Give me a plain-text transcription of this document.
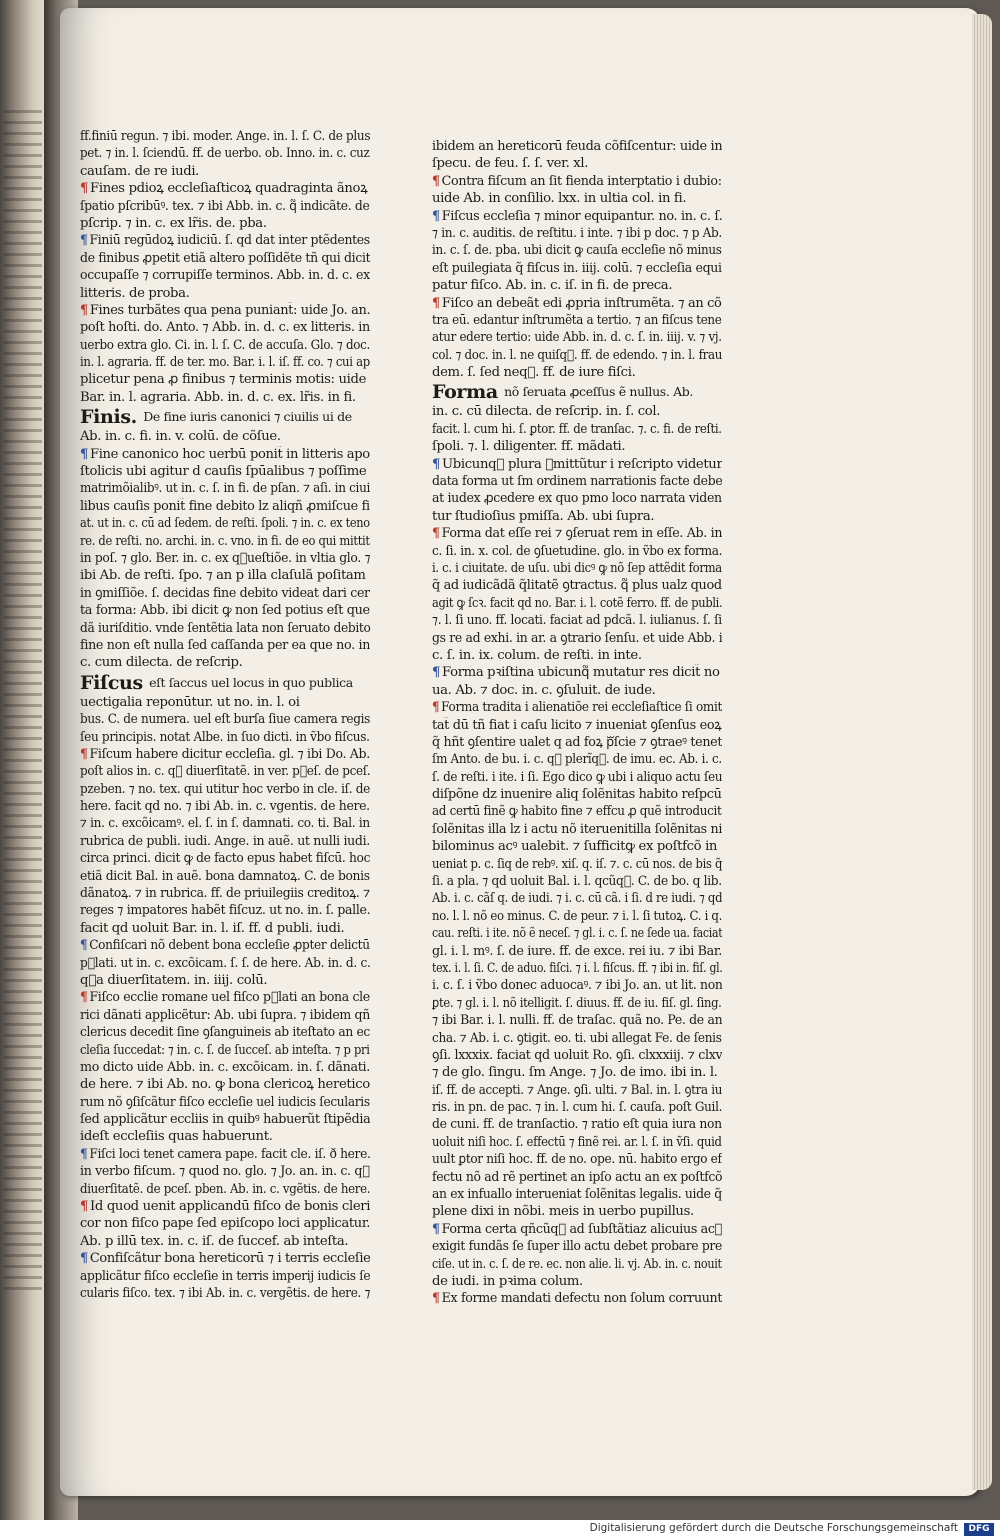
ff.finiū regun. ⁊ ibi. moder. Ange. in. l. ſ. C. de plus
pet. ⁊ in. l. ſciendū. ff. de uerbo. ob. Inno. in. c. cuz
cauſam. de re iudi.
¶ Fines pdioꝝ eccleſiaſticoꝝ quadraginta ãnoꝝ
ſpatio pſcribūꝰ. tex. ⁊ ibi Abb. in. c. q᷑ indicãte. de
pſcrip. ⁊ in. c. ex lr̃is. de. pba.
¶ Finiū regūdoꝝ iudiciū. ſ. qd dat inter ptẽdentes
de finibus ꝓpetit etiã altero poſſidẽte tñ qui dicit
occupaſſe ⁊ corrupiſſe terminos. Abb. in. d. c. ex
litteris. de proba.
¶ Fines turbãtes qua pena puniant̃: uide Jo. an.
poſt hoſti. do. Anto. ⁊ Abb. in. d. c. ex litteris. in
uerbo extra glo. Ci. in. l. ſ. C. de accuſa. Glo. ⁊ doc.
in. l. agraria. ff. de ter. mo. Bar. i. l. iſ. ff. co. ⁊ cui ap
plicetur pena ꝓ finibus ⁊ terminis motis: uide
Bar. in. l. agraria. Abb. in. d. c. ex. lr̃is. in fi.
Finis. $^{De fine iuris canonici ⁊ ciuilis ui de}$
Ab. in. c. fi. in. v. colū. de cõſue.
¶ Fine canonico hoc uerbū ponit̃ in litteris apo
ſtolicis ubi agitur d cauſis ſpūalibus ⁊ poſſime
matrimõialibꝰ. ut in. c. ſ. in fi. de pſan. ⁊ aſi. in ciui
libus cauſis ponit̃ fine debito lz aliqñ ꝓmiſcue fi
at. ut in. c. cū ad ſedem. de reſti. ſpoli. ⁊ in. c. ex teno
re. de reſti. no. archi. in. c. vno. in fi. de eo qui mittit
in poſ. ⁊ glo. Ber. in. c. ex qᷓueſtiõe. in vltia glo. ⁊
ibi Ab. de reſti. ſpo. ⁊ an p illa claſulã poſitam
in ꝯmiſſiõe. ſ. decidas fine debito videat dari cer
ta forma: Abb. ibi dicit ꝙ non ſed potius eſt que
dã iuriſditio. vnde ſentẽtia lata non ſeruato debito
fine non eſt nulla ſed caſſanda per ea que no. in
c. cum dilecta. de reſcrip.
Fiſcus $^{eſt ſaccus uel locus in quo publica}$
uectigalia reponūtur. ut no. in. l. oi
bus. C. de numera. uel eſt burſa ſiue camera regis
ſeu principis. notat Albe. in ſuo dicti. in ṽbo fiſcus.
¶ Fiſcum habere dicitur eccleſia. gl. ⁊ ibi Do. Ab.
poſt alios in. c. q᷑ diuerſitatẽ. in ver. pᷓeſ. de pceſ.
pzeben. ⁊ no. tex. qui utitur hoc verbo in cle. iſ. de
here. facit qd no. ⁊ ibi Ab. in. c. vgentis. de here.
⁊ in. c. excõicamꝰ. el. ſ. in ſ. damnati. co. ti. Bal. in
rubrica de publi. iudi. Ange. in auẽ. ut nulli iudi.
circa princi. dicit ꝙ de facto epus habet fiſcū. hoc
etiã dicit Bal. in auẽ. bona damnatoꝝ. C. de bonis
dãnatoꝝ. ⁊ in rubrica. ff. de priuilegiis creditoꝝ. ⁊
reges ⁊ impatores habẽt fiſcuz. ut no. in. ſ. palle.
facit qd uoluit Bar. in. l. iſ. ff. d publi. iudi.
¶ Confiſcari nõ debent bona eccleſie ꝓpter delictū
pᷓlati. ut in. c. excõicam. ſ. ſ. de here. Ab. in. d. c.
qᷓa diuerſitatem. in. iiij. colū.
¶ Fiſco ecclie romane uel fiſco pᷓlati an bona cle
rici dãnati applicẽtur: Ab. ubi ſupra. ⁊ ibidem qñ
clericus decedit ſine ꝯſanguineis ab iteſtato an ec
cleſia ſuccedat: ⁊ in. c. ſ. de ſucceſ. ab inteſta. ⁊ p pri
mo dicto uide Abb. in. c. excõicam. in. ſ. dãnati.
de here. ⁊ ibi Ab. no. ꝙ bona clericoꝝ heretico
rum nõ ꝯſiſcãtur fiſco eccleſie uel iudicis ſecularis
ſed applicãtur eccliis in quibꝰ habuerũt ſtipẽdia
ideſt eccleſiis quas habuerunt.
¶ Fiſci loci tenet camera pape. facit cle. iſ. ð here.
in verbo fiſcum. ⁊ quod no. glo. ⁊ Jo. an. in. c. q᷑
diuerſitatẽ. de pceſ. pben. Ab. in. c. vgẽtis. de here.
¶ Id quod uenit applicandū fiſco de bonis cleri
cor non fiſco pape ſed epiſcopo loci applicatur.
Ab. p illū tex. in. c. iſ. de ſuccef. ab inteſta.
¶ Confiſcãtur bona hereticorū ⁊ i terris eccleſie
applicãtur fiſco eccleſie in terris imperij iudicis ſe
cularis fiſco. tex. ⁊ ibi Ab. in. c. vergẽtis. de here. ⁊
ibidem an hereticorū feuda cõfiſcentur: uide in
ſpecu. de feu. ſ. ſ. ver. xl.
¶ Contra fiſcum an ſit fienda interptatio i dubio:
uide Ab. in conſilio. lxx. in ultia col. in fi.
¶ Fiſcus eccleſia ⁊ minor equipantur. no. in. c. ſ.
⁊ in. c. auditis. de reſtitu. i inte. ⁊ ibi p doc. ⁊ p Ab.
in. c. ſ. de. pba. ubi dicit ꝙ cauſa eccleſie nõ minus
eſt puilegiata q̃ fiſcus in. iiij. colū. ⁊ eccleſia equi
patur fiſco. Ab. in. c. iſ. in fi. de preca.
¶ Fiſco an debeãt edi ꝓpria inſtrumẽta. ⁊ an cõ
tra eū. edantur inſtrumẽta a tertio. ⁊ an fiſcus tene
atur edere tertio: uide Abb. in. d. c. ſ. in. iiij. v. ⁊ vj.
col. ⁊ doc. in. l. ne quiſq᷑. ff. de edendo. ⁊ in. l. frau
dem. ſ. ſed neq᷑. ff. de iure fiſci.
Forma $^{nõ ſeruata ꝓceſſus ẽ nullus. Ab.}$
in. c. cū dilecta. de reſcrip. in. ſ. col.
facit. l. cum hi. ſ. ꝑtor. ff. de tranſac. ⁊. c. fi. de reſti.
ſpoli. ⁊. l. diligenter. ff. mãdati.
¶ Ubicunq᷑ plura ꝯmittũtur i reſcripto videtur
data forma ut ſm ordinem narrationis facte debe
at iudex ꝓcedere ex quo pmo loco narrata viden
tur ſtudioſius pmiſſa. Ab. ubi ſupra.
¶ Forma dat eſſe rei ⁊ ꝯſeruat rem in eſſe. Ab. in
c. ſi. in. x. col. de ꝯſuetudine. glo. in ṽbo ex forma.
i. c. i ciuitate. de uſu. ubi dicꝰ ꝙ nõ ſep attẽdit forma
q̃ ad iudicãdã q̃litatẽ ꝯtractus. q᷑ plus ualz quod
agit ꝙ ſcꝛ. facit qd no. Bar. i. l. cotẽ ferro. ff. de publi.
⁊. l. ſi uno. ff. locati. faciat ad pdcã. l. iulianus. ſ. ſi
gs re ad exhi. in ar. a ꝯtrario ſenſu. et uide Abb. i
c. ſ. in. ix. colum. de reſti. in inte.
¶ Forma pꝛiſtina ubicunq᷑ mutatur res dicit̃ no
ua. Ab. ⁊ doc. in. c. ꝯſuluit. de iude.
¶ Forma tradita i alienatiõe rei eccleſiaſtice ſi omit
tat̃ dū tñ fiat i caſu licito ⁊ inueniat ꝯſenſus eoꝝ
q̃ hñt ꝯſentire ualet q ad foꝝ pᷓſcie ⁊ ꝯtraeꝰ tenet
ſm Anto. de bu. i. c. q᷑ plerĩq᷑. de imu. ec. Ab. i. c.
ſ. de reſti. i ite. i ſi. Ego dico ꝙ ubi i aliquo actu ſeu
diſpõne dz inuenire aliq ſolẽnitas habito reſpcū
ad certū finẽ ꝙ habito fine ⁊ effcu ꝓ quẽ introducit
ſolẽnitas illa lz i actu nõ iteruenitilla ſolẽnitas ni
bilominus acꝰ ualebit. ⁊ ſufficitꝙ ex poſtfcõ in
ueniat p. c. ſiq de rebꝰ. xiſ. q. iſ. ⁊. c. cū nos. de bis q̃
ſi. a pla. ⁊ qd uoluit Bal. i. l. qcũq᷑. C. de bo. q lib.
Ab. i. c. cãſ q. de iudi. ⁊ i. c. cū cã. i ſi. d re iudi. ⁊ qd
no. l. l. nõ eo minus. C. de peur. ⁊ i. l. ſi tutoꝝ. C. i q.
cau. reſti. i ite. nõ ẽ neceſ. ⁊ gl. i. c. ſ. ne ſede ua. faciat
gl. i. l. mꝰ. ſ. de iure. ff. de exce. rei iu. ⁊ ibi Bar.
tex. i. l. ſi. C. de aduo. fiſci. ⁊ i. l. fiſcus. ff. ⁊ ibi in. fiſ. gl.
i. c. ſ. i ṽbo donec aduocaꝰ. ⁊ ibi Jo. an. ut lit. non
ꝑte. ⁊ gl. i. l. nõ itelligit. ſ. diuus. ff. de iu. fiſ. gl. ſing.
⁊ ibi Bar. i. l. nulli. ff. de traſac. quã no. Pe. de an
cha. ⁊ Ab. i. c. ꝯtigit. eo. ti. ubi allegat Fe. de ſenis
ꝯſi. lxxxix. faciat qd uoluit Ro. ꝯſi. clxxxiij. ⁊ clxv
⁊ de glo. ſingu. ſm Ange. ⁊ Jo. de imo. ibi in. l.
iſ. ff. de accepti. ⁊ Ange. ꝯſi. ulti. ⁊ Bal. in. l. ꝯtra iu
ris. in pn. de pac. ⁊ in. l. cum hi. ſ. cauſa. poſt Guil.
de cuni. ff. de tranſactio. ⁊ ratio eſt quia iura non
uoluit niſi hoc. ſ. effectū ⁊ finẽ rei. ar. l. ſ. in ṽſi. quid
uult ꝑtor niſi hoc. ff. de no. ope. nū. habito ergo ef
fectu nõ ad rẽ pertinet an ipſo actu an ex poſtfcõ
an ex infuallo interueniat ſolẽnitas legalis. uide q̃
plene dixi in nõbi. meis in uerbo pupillus.
¶ Forma certa qñcũq᷑ ad ſubſtãtiaz alicuius acꝰ
exigit fundãs ſe ſuper illo actu debet probare pre
ciſe. ut in. c. ſ. de re. ec. non alie. li. vj. Ab. in. c. nouit
de iudi. in pꝛima colum.
¶ Ex forme mandati defectu non ſolum corruunt
Digitalisierung gefördert durch die Deutsche Forschungsgemeinschaft	DFG
